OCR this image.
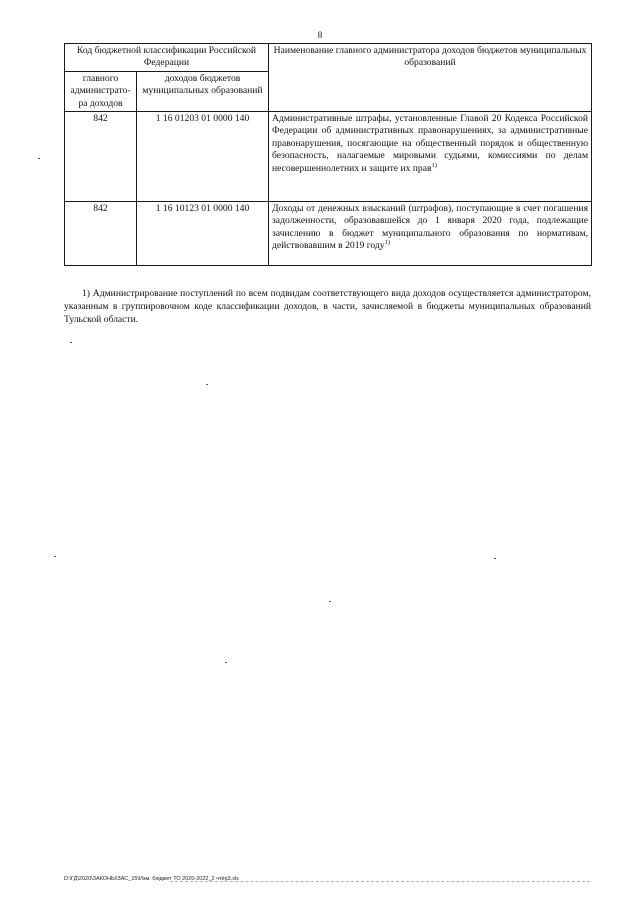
8
Код бюджетной классификации Российской Федерации		Наименование главного администратора доходов бюджетов муниципальных образований
главного администрато-ра доходов	доходов бюджетов муниципальных образований	
842	1 16 01203 01 0000 140	Административные штрафы, установленные Главой 20 Кодекса Российской Федерации об административных правонарушениях, за административные правонарушения, посягающие на общественный порядок и общественную безопасность, налагаемые мировыми судьями, комиссиями по делам несовершеннолетних и защите их прав$^{1)}$
842	1 16 10123 01 0000 140	Доходы от денежных взысканий (штрафов), поступающие в счет погашения задолженности, образовавшейся до 1 января 2020 года, подлежащие зачислению в бюджет муниципального образования по нормативам, действовавшим в 2019 году$^{1)}$
1) Администрирование поступлений по всем подвидам соответствующего вида доходов осуществляется администратором, указанным в группировочном коде классификации доходов, в части, зачисляемой в бюджеты муниципальных образований Тульской области.
D:\ГД\2020\ЗАКОНЫ\ЗАС_15\Изм. бюджет ТО 2020-2022_2 чтёр3.xls
